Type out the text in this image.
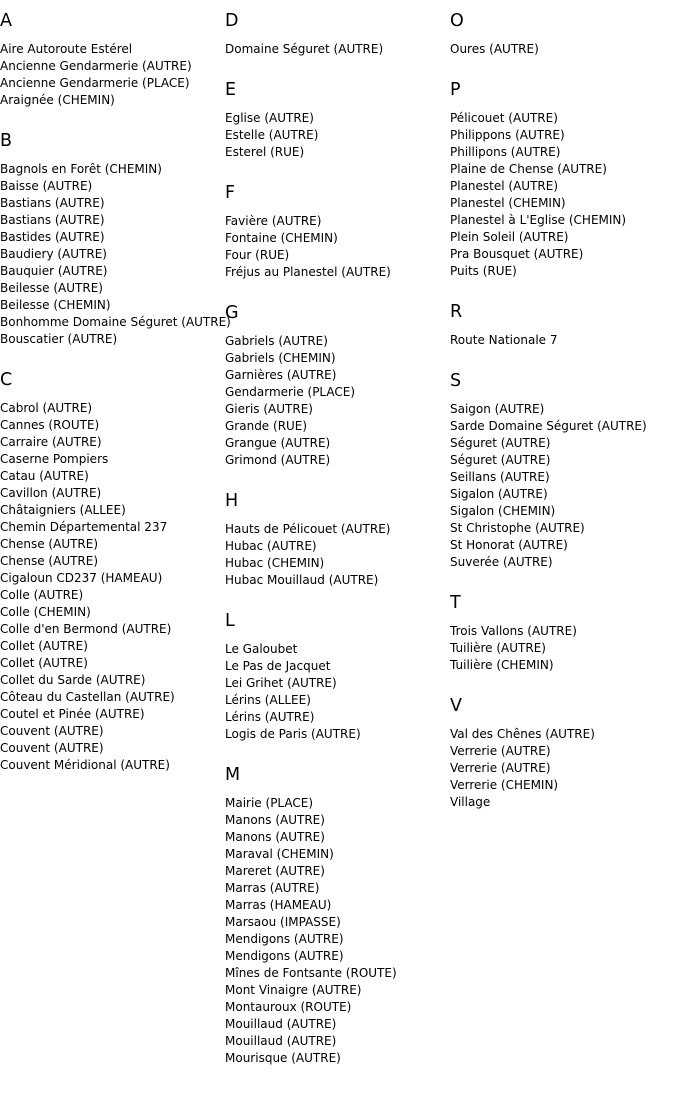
A
Aire Autoroute Estérel
Ancienne Gendarmerie (AUTRE)
Ancienne Gendarmerie (PLACE)
Araignée (CHEMIN)
B
Bagnols en Forêt (CHEMIN)
Baisse (AUTRE)
Bastians (AUTRE)
Bastians (AUTRE)
Bastides (AUTRE)
Baudiery (AUTRE)
Bauquier (AUTRE)
Beilesse (AUTRE)
Beilesse (CHEMIN)
Bonhomme Domaine Séguret (AUTRE)
Bouscatier (AUTRE)
C
Cabrol (AUTRE)
Cannes (ROUTE)
Carraire (AUTRE)
Caserne Pompiers
Catau (AUTRE)
Cavillon (AUTRE)
Châtaigniers (ALLEE)
Chemin Départemental 237
Chense (AUTRE)
Chense (AUTRE)
Cigaloun CD237 (HAMEAU)
Colle (AUTRE)
Colle (CHEMIN)
Colle d'en Bermond (AUTRE)
Collet (AUTRE)
Collet (AUTRE)
Collet du Sarde (AUTRE)
Côteau du Castellan (AUTRE)
Coutel et Pinée (AUTRE)
Couvent (AUTRE)
Couvent (AUTRE)
Couvent Méridional (AUTRE)
D
Domaine Séguret (AUTRE)
E
Eglise (AUTRE)
Estelle (AUTRE)
Esterel (RUE)
F
Favière (AUTRE)
Fontaine (CHEMIN)
Four (RUE)
Fréjus au Planestel (AUTRE)
G
Gabriels (AUTRE)
Gabriels (CHEMIN)
Garnières (AUTRE)
Gendarmerie (PLACE)
Gieris (AUTRE)
Grande (RUE)
Grangue (AUTRE)
Grimond (AUTRE)
H
Hauts de Pélicouet (AUTRE)
Hubac (AUTRE)
Hubac (CHEMIN)
Hubac Mouillaud (AUTRE)
L
Le Galoubet
Le Pas de Jacquet
Lei Grihet (AUTRE)
Lérins (ALLEE)
Lérins (AUTRE)
Logis de Paris (AUTRE)
M
Mairie (PLACE)
Manons (AUTRE)
Manons (AUTRE)
Maraval (CHEMIN)
Mareret (AUTRE)
Marras (AUTRE)
Marras (HAMEAU)
Marsaou (IMPASSE)
Mendigons (AUTRE)
Mendigons (AUTRE)
Mînes de Fontsante (ROUTE)
Mont Vinaigre (AUTRE)
Montauroux (ROUTE)
Mouillaud (AUTRE)
Mouillaud (AUTRE)
Mourisque (AUTRE)
O
Oures (AUTRE)
P
Pélicouet (AUTRE)
Philippons (AUTRE)
Phillipons (AUTRE)
Plaine de Chense (AUTRE)
Planestel (AUTRE)
Planestel (CHEMIN)
Planestel à L'Eglise (CHEMIN)
Plein Soleil (AUTRE)
Pra Bousquet (AUTRE)
Puits (RUE)
R
Route Nationale 7
S
Saigon (AUTRE)
Sarde Domaine Séguret (AUTRE)
Séguret (AUTRE)
Séguret (AUTRE)
Seillans (AUTRE)
Sigalon (AUTRE)
Sigalon (CHEMIN)
St Christophe (AUTRE)
St Honorat (AUTRE)
Suverée (AUTRE)
T
Trois Vallons (AUTRE)
Tuilière (AUTRE)
Tuilière (CHEMIN)
V
Val des Chênes (AUTRE)
Verrerie (AUTRE)
Verrerie (AUTRE)
Verrerie (CHEMIN)
Village
